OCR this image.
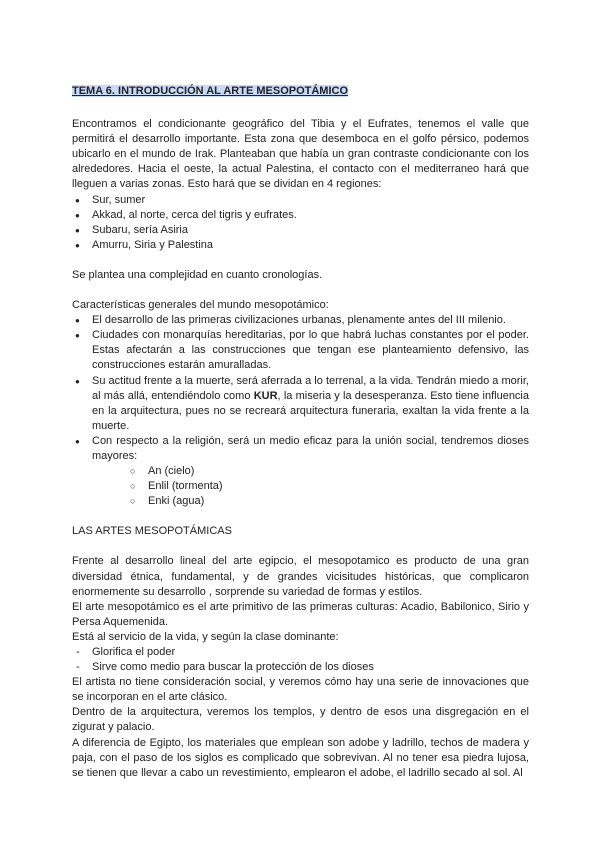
TEMA 6. INTRODUCCIÓN AL ARTE MESOPOTÁMICO

Encontramos el condicionante geográfico del Tibia y el Eufrates, tenemos el valle que permitirá el desarrollo importante. Esta zona que desemboca en el golfo pérsico, podemos ubicarlo en el mundo de Irak. Planteaban que había un gran contraste condicionante con los alrededores. Hacia el oeste, la actual Palestina, el contacto con el mediterraneo hará que lleguen a varias zonas. Esto hará que se dividan en 4 regiones:

● Sur, sumer
● Akkad, al norte, cerca del tigris y eufrates.
● Subaru, sería Asiria
● Amurru, Siria y Palestina

Se plantea una complejidad en cuanto cronologías.

Características generales del mundo mesopotámico:

● El desarrollo de las primeras civilizaciones urbanas, plenamente antes del III milenio.
● Ciudades con monarquías hereditarias, por lo que habrá luchas constantes por el poder. Estas afectarán a las construcciones que tengan ese planteamiento defensivo, las construcciones estarán amuralladas.
● Su actitud frente a la muerte, será aferrada a lo terrenal, a la vida. Tendrán miedo a morir, al más allá, entendiéndolo como KUR, la miseria y la desesperanza. Esto tiene influencia en la arquitectura, pues no se recreará arquitectura funeraria, exaltan la vida frente a la muerte.
● Con respecto a la religión, será un medio eficaz para la unión social, tendremos dioses mayores:
○ An (cielo)
○ Enlil (tormenta)
○ Enki (agua)

LAS ARTES MESOPOTÁMICAS

Frente al desarrollo lineal del arte egipcio, el mesopotamico es producto de una gran diversidad étnica, fundamental, y de grandes vicisitudes históricas, que complicaron enormemente su desarrollo , sorprende su variedad de formas y estilos.

El arte mesopotámico es el arte primitivo de las primeras culturas: Acadio, Babilonico, Sirio y Persa Aquemenida.

Está al servicio de la vida, y según la clase dominante:

- Glorifica el poder
- Sirve como medio para buscar la protección de los dioses

El artista no tiene consideración social, y veremos cómo hay una serie de innovaciones que se incorporan en el arte clásico.

Dentro de la arquitectura, veremos los templos, y dentro de esos una disgregación en el zigurat y palacio.

A diferencia de Egipto, los materiales que emplean son adobe y ladrillo, techos de madera y paja, con el paso de los siglos es complicado que sobrevivan. Al no tener esa piedra lujosa, se tienen que llevar a cabo un revestimiento, emplearon el adobe, el ladrillo secado al sol. Al
